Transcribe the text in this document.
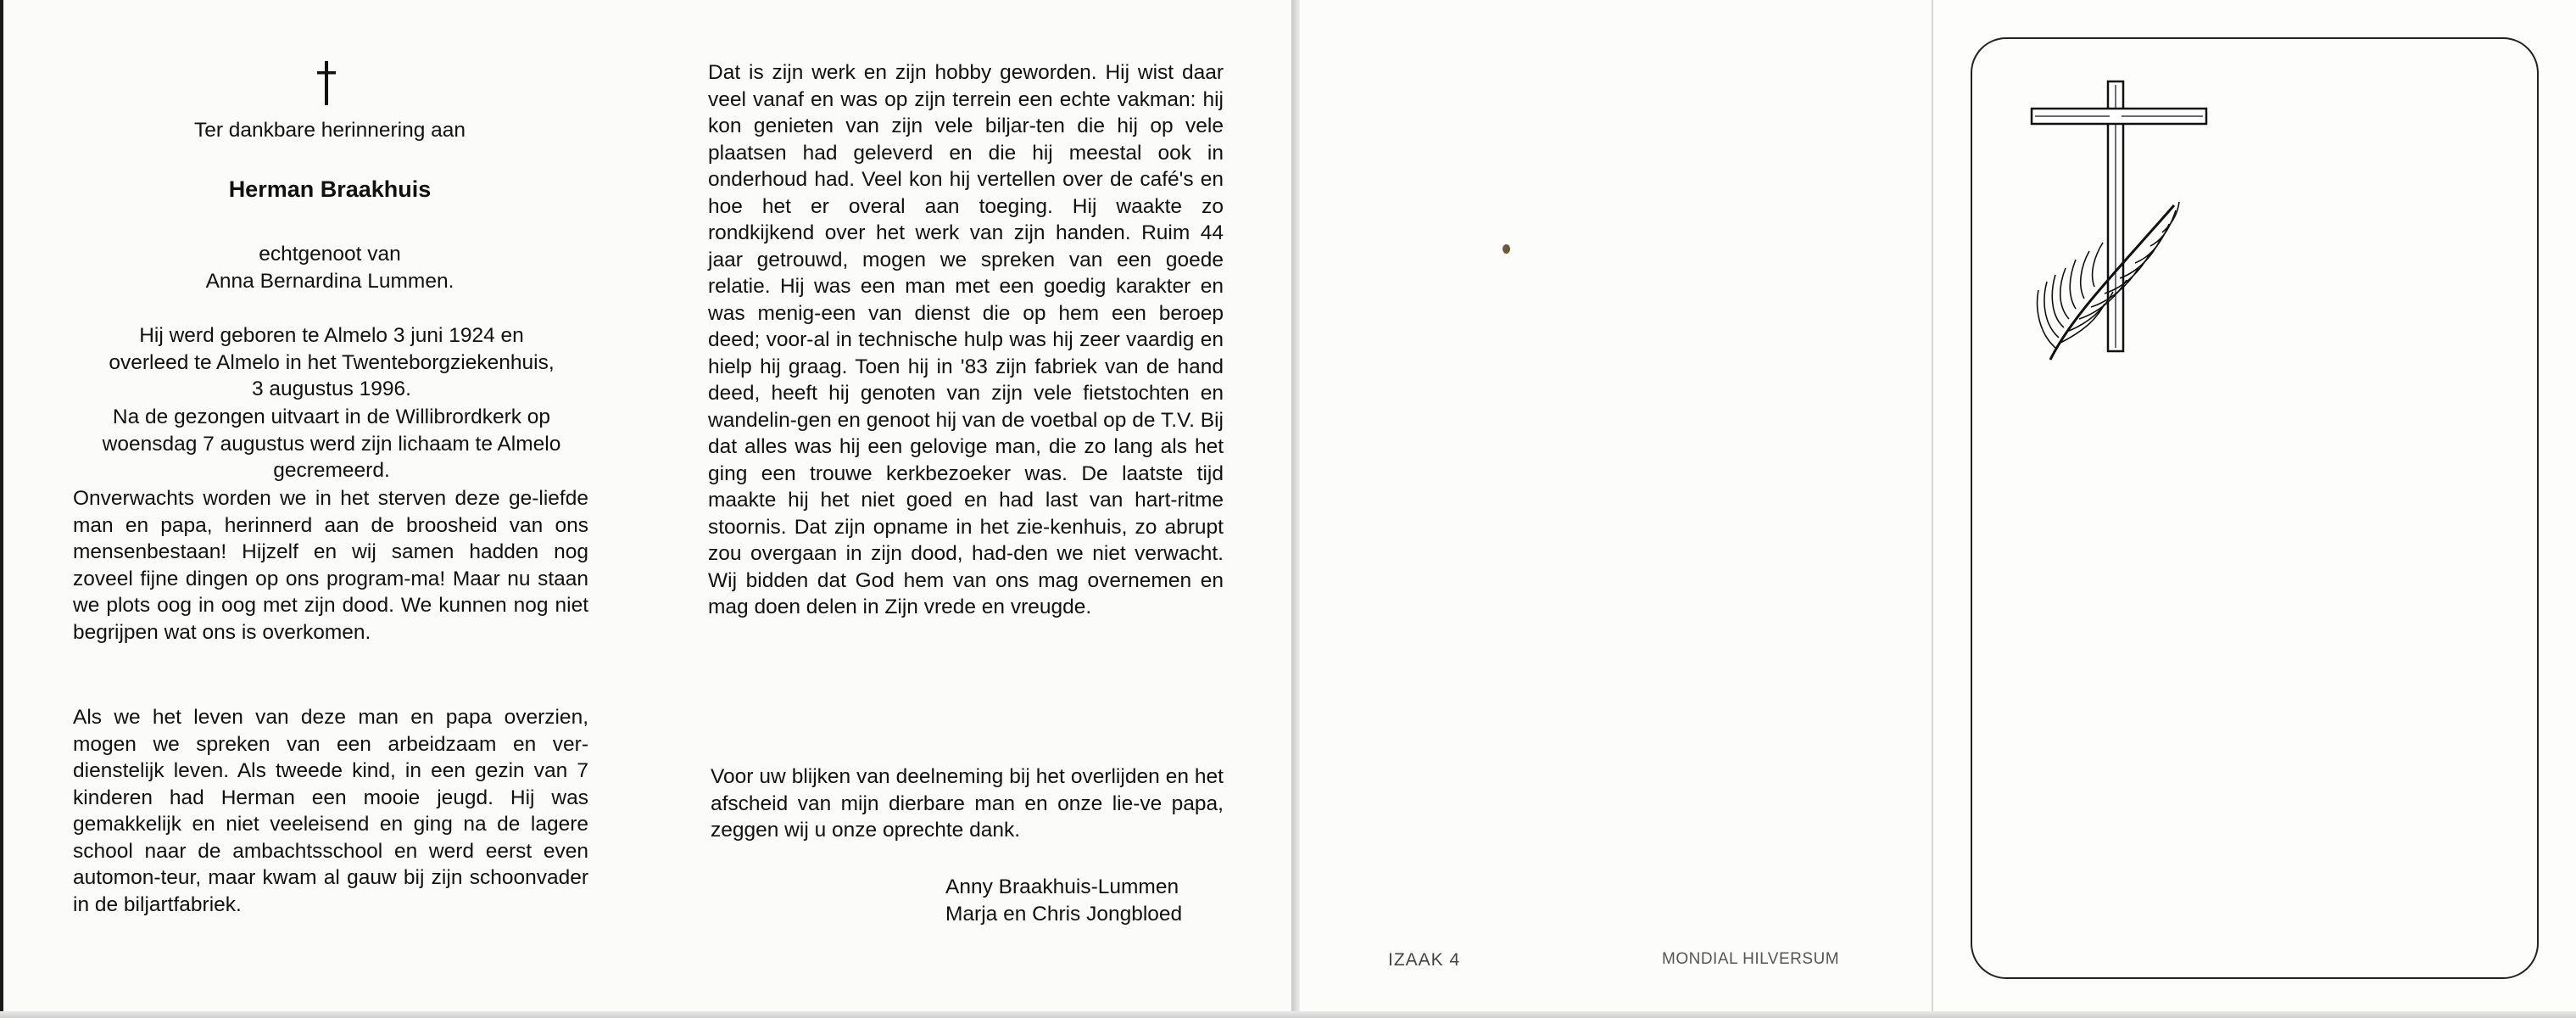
Ter dankbare herinnering aan
Herman Braakhuis
echtgenoot van
Anna Bernardina Lummen.
Hij werd geboren te Almelo 3 juni 1924 en
overleed te Almelo in het Twenteborgziekenhuis,
3 augustus 1996.
Na de gezongen uitvaart in de Willibrordkerk op
woensdag 7 augustus werd zijn lichaam te Almelo
gecremeerd.
Onverwachts worden we in het sterven deze ge-liefde man en papa, herinnerd aan de broosheid van ons mensenbestaan! Hijzelf en wij samen hadden nog zoveel fijne dingen op ons program-ma! Maar nu staan we plots oog in oog met zijn dood. We kunnen nog niet begrijpen wat ons is overkomen.
Als we het leven van deze man en papa overzien, mogen we spreken van een arbeidzaam en ver-dienstelijk leven. Als tweede kind, in een gezin van 7 kinderen had Herman een mooie jeugd. Hij was gemakkelijk en niet veeleisend en ging na de lagere school naar de ambachtsschool en werd eerst even automon-teur, maar kwam al gauw bij zijn schoonvader in de biljartfabriek.
Dat is zijn werk en zijn hobby geworden. Hij wist daar veel vanaf en was op zijn terrein een echte vakman: hij kon genieten van zijn vele biljar-ten die hij op vele plaatsen had geleverd en die hij meestal ook in onderhoud had. Veel kon hij vertellen over de café's en hoe het er overal aan toeging. Hij waakte zo rondkijkend over het werk van zijn handen. Ruim 44 jaar getrouwd, mogen we spreken van een goede relatie. Hij was een man met een goedig karakter en was menig-een van dienst die op hem een beroep deed; voor-al in technische hulp was hij zeer vaardig en hielp hij graag. Toen hij in '83 zijn fabriek van de hand deed, heeft hij genoten van zijn vele fietstochten en wandelin-gen en genoot hij van de voetbal op de T.V. Bij dat alles was hij een gelovige man, die zo lang als het ging een trouwe kerkbezoeker was. De laatste tijd maakte hij het niet goed en had last van hart-ritme stoornis. Dat zijn opname in het zie-kenhuis, zo abrupt zou overgaan in zijn dood, had-den we niet verwacht. Wij bidden dat God hem van ons mag overnemen en mag doen delen in Zijn vrede en vreugde.
Voor uw blijken van deelneming bij het overlijden en het afscheid van mijn dierbare man en onze lie-ve papa, zeggen wij u onze oprechte dank.
Anny Braakhuis-Lummen
Marja en Chris Jongbloed
IZAAK 4	MONDIAL HILVERSUM
